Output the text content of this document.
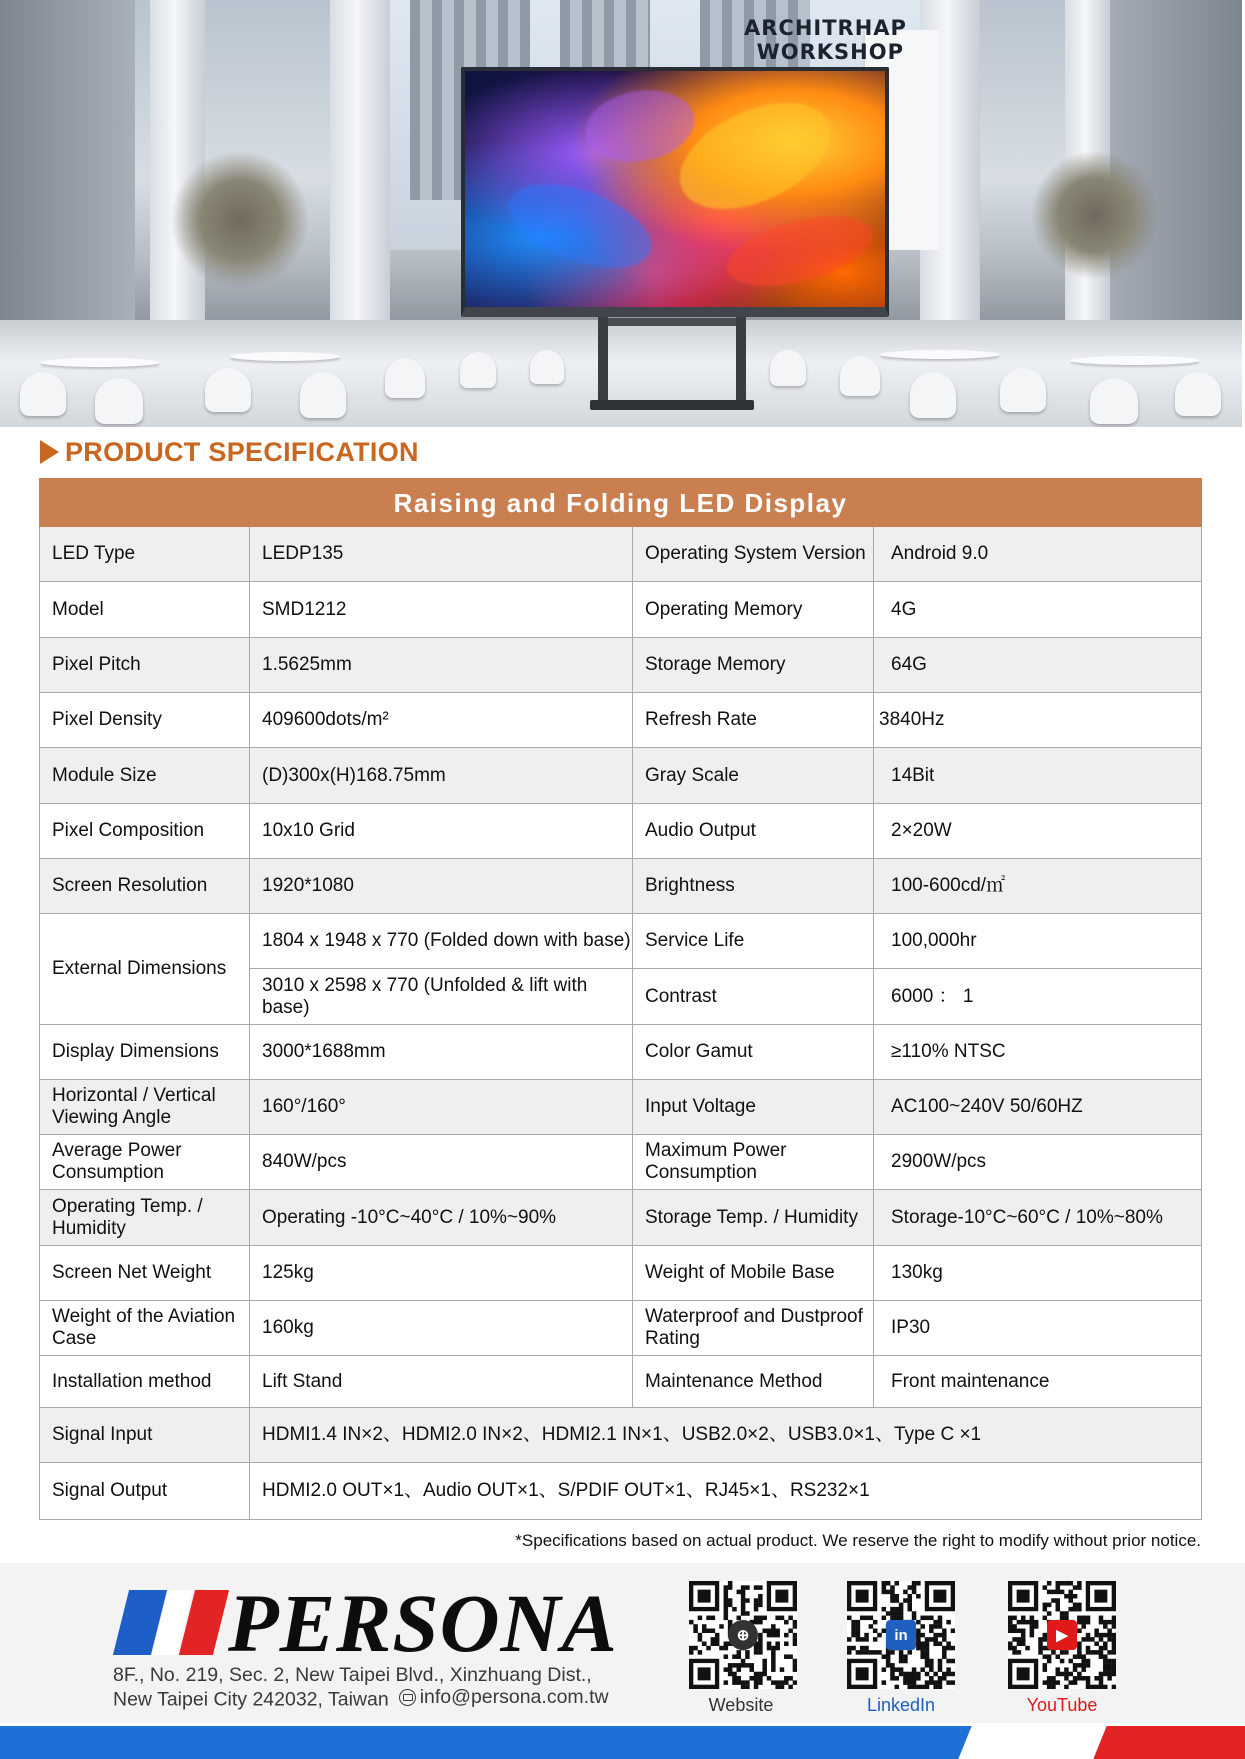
ARCHITRHAP
WORKSHOP
PRODUCT SPECIFICATION
Raising and Folding LED Display			
LED Type	LEDP135	Operating System Version	Android 9.0
Model	SMD1212	Operating Memory	4G
Pixel Pitch	1.5625mm	Storage Memory	64G
Pixel Density	409600dots/m²	Refresh Rate	3840Hz
Module Size	(D)300x(H)168.75mm	Gray Scale	14Bit
Pixel Composition	10x10 Grid	Audio Output	2×20W
Screen Resolution	1920*1080	Brightness	100-600cd/㎡
External Dimensions	1804 x 1948 x 770 (Folded down with base)	Service Life	100,000hr
	3010 x 2598 x 770 (Unfolded & lift with base)	Contrast	6000 ： 1
Display Dimensions	3000*1688mm	Color Gamut	≥110% NTSC
Horizontal / Vertical Viewing Angle	160°/160°	Input Voltage	AC100~240V 50/60HZ
Average Power Consumption	840W/pcs	Maximum Power Consumption	2900W/pcs
Operating Temp. / Humidity	Operating -10°C~40°C / 10%~90%	Storage Temp. / Humidity	Storage-10°C~60°C / 10%~80%
Screen Net Weight	125kg	Weight of Mobile Base	130kg
Weight of the Aviation Case	160kg	Waterproof and Dustproof Rating	IP30
Installation method	Lift Stand	Maintenance Method	Front maintenance
Signal Input	HDMI1.4 IN×2、HDMI2.0 IN×2、HDMI2.1 IN×1、USB2.0×2、USB3.0×1、Type C ×1		
Signal Output	HDMI2.0 OUT×1、Audio OUT×1、S/PDIF OUT×1、RJ45×1、RS232×1		
*Specifications based on actual product. We reserve the right to modify without prior notice.
PERSONA
8F., No. 219, Sec. 2, New Taipei Blvd., Xinzhuang Dist.,
New Taipei City 242032, Taiwan info@persona.com.tw
⊕
Website
in
LinkedIn
▶
YouTube
